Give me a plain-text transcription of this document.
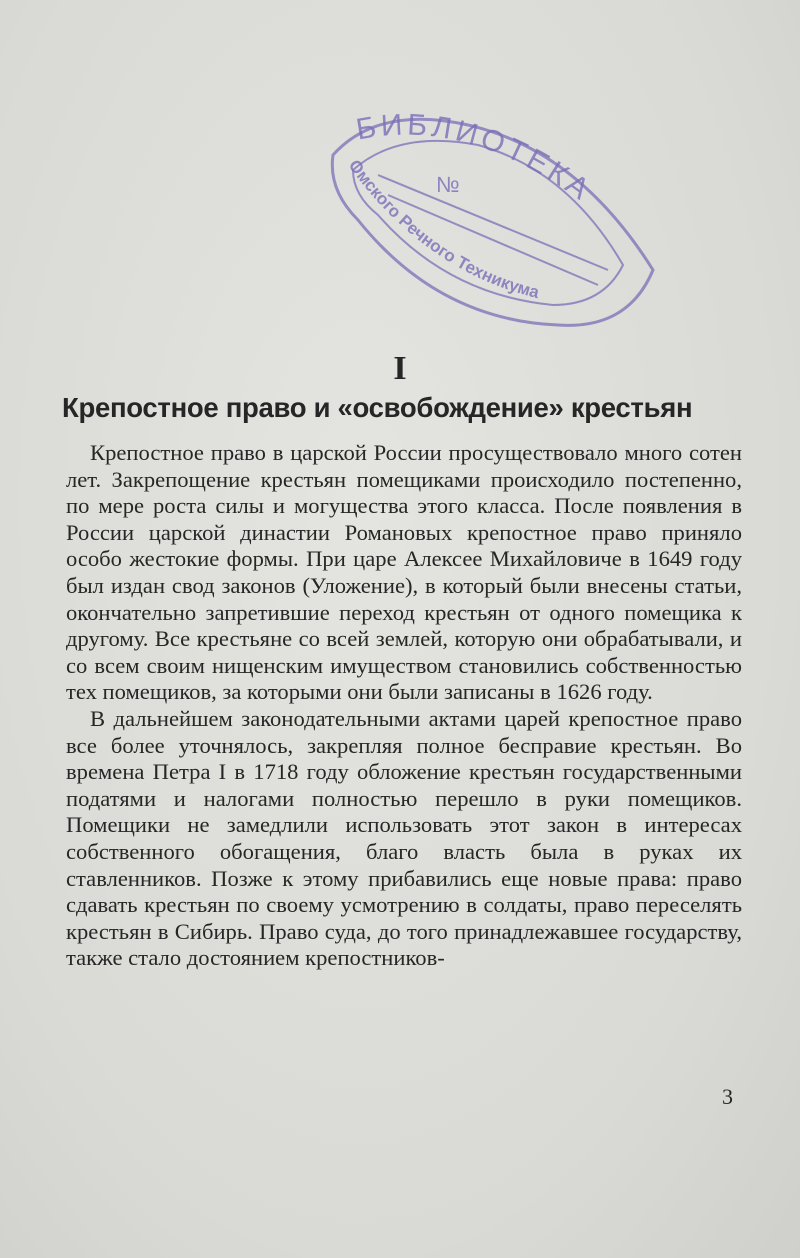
БИБЛИОТЕКА
№
Омского Речного Техникума
I
Крепостное право и «освобождение» крестьян

Крепостное право в царской России просуществовало много сотен лет. Закрепощение крестьян помещиками происходило постепенно, по мере роста силы и могущества этого класса. После появления в России царской династии Романовых крепостное право приняло особо жестокие формы. При царе Алексее Михайловиче в 1649 году был издан свод законов (Уложение), в который были внесены статьи, окончательно запретившие переход крестьян от одного помещика к другому. Все крестьяне со всей землей, которую они обрабатывали, и со всем своим нищенским имуществом становились собственностью тех помещиков, за которыми они были записаны в 1626 году.

В дальнейшем законодательными актами царей крепостное право все более уточнялось, закрепляя полное бесправие крестьян. Во времена Петра I в 1718 году обложение крестьян государственными податями и налогами полностью перешло в руки помещиков. Помещики не замедлили использовать этот закон в интересах собственного обогащения, благо власть была в руках их ставленников. Позже к этому прибавились еще новые права: право сдавать крестьян по своему усмотрению в солдаты, право переселять крестьян в Сибирь. Право суда, до того принадлежавшее государству, также стало достоянием крепостников-

3
